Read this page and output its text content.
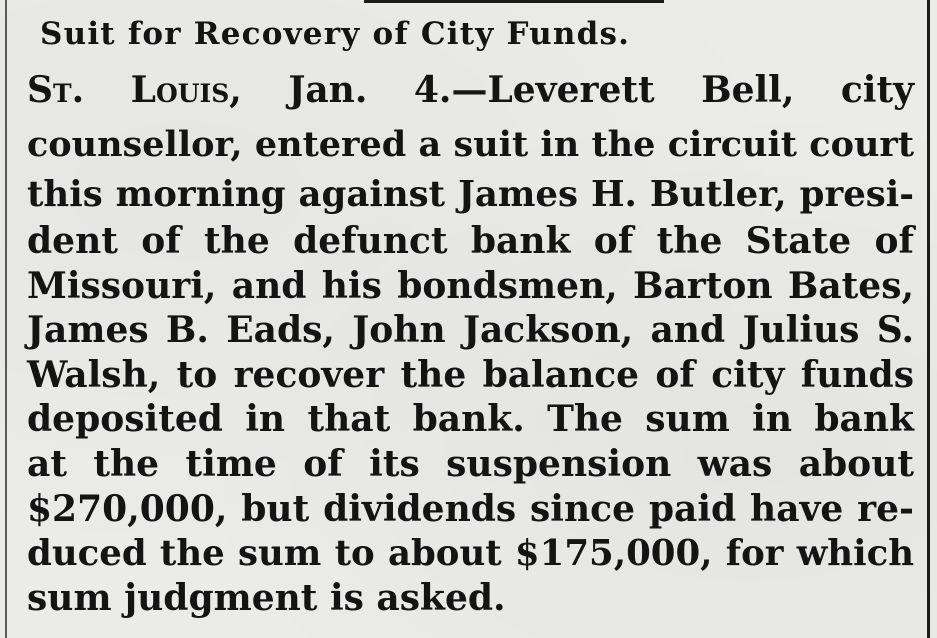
Suit for Recovery of City Funds.
St. Louis, Jan. 4.—Leverett Bell, city
counsellor, entered a suit in the circuit court
this morning against James H. Butler, presi-
dent of the defunct bank of the State of
Missouri, and his bondsmen, Barton Bates,
James B. Eads, John Jackson, and Julius S.
Walsh, to recover the balance of city funds
deposited in that bank. The sum in bank
at the time of its suspension was about
$270,000, but dividends since paid have re-
duced the sum to about $175,000, for which
sum judgment is asked.
